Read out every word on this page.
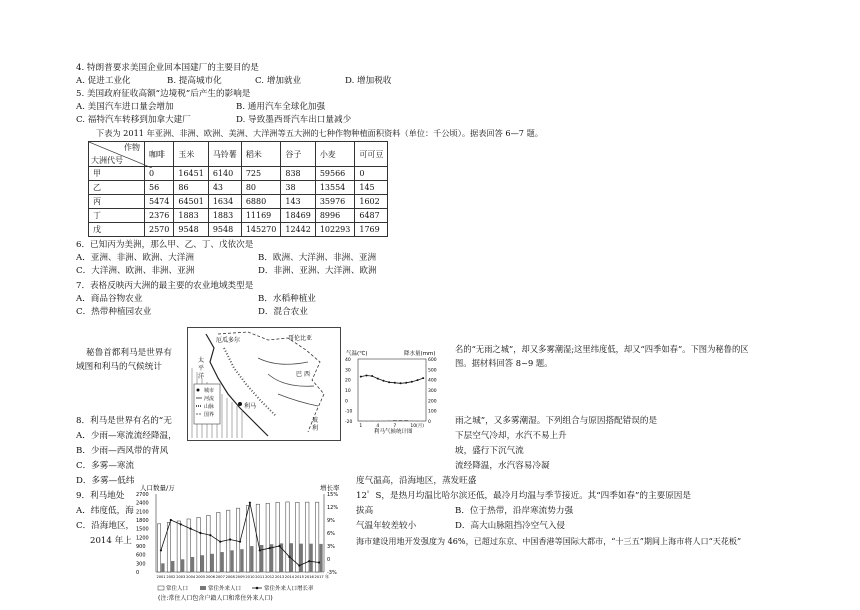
4. 特朗普要求美国企业回本国建厂的主要目的是
A. 促进工业化	B. 提高城市化	C. 增加就业	D. 增加税收
5. 美国政府征收高额“边境税”后产生的影响是
A. 美国汽车进口量会增加	B. 通用汽车全球化加强
C. 福特汽车转移到加拿大建厂	D. 导致墨西哥汽车出口量减少
下表为 2011 年亚洲、非洲、欧洲、美洲、大洋洲等五大洲的七种作物种植面积资料（单位：千公顷）。据表回答 6—7 题。
作物
大洲代号	咖啡	玉米	马铃薯	稻米	谷子	小麦	可可豆
甲	0	16451	6140	725	838	59566	0
乙	56	86	43	80	38	13554	145
丙	5474	64501	1634	6880	143	35976	1602
丁	2376	1883	1883	11169	18469	8996	6487
戊	2570	9548	9548	145270	12442	102293	1769
6．已知丙为美洲，那么甲、乙、丁、戊依次是
A．亚洲、非洲、欧洲、大洋洲	B．欧洲、大洋洲、非洲、亚洲
C．大洋洲、欧洲、非洲、亚洲	D．非洲、亚洲、大洋洲、欧洲
7．表格反映丙大洲的最主要的农业地域类型是
A．商品谷物农业	B．水稻种植业
C．热带种植园农业	D．混合农业
秘鲁首都利马是世界有
域图和利马的气候统计
名的“无雨之城”，却又多雾潮湿;这里纬度低，却又“四季如春”。下图为秘鲁的区
图。据材料回答 8~9 题。
城市
河流
山脉
国界
厄瓜多尔	哥伦比亚
太
平
洋	巴 西
利马
玻
利
气温(℃)	降水量(mm)
40
30
20
10
0
-10
-20
600
500
400
300
200
100
0
1	4	7	10 (月)
利马气候统计图
8．利马是世界有名的“无	雨之城”，又多雾潮湿。下列组合与原因搭配错误的是
A．少雨—寒流流经降温，
B．少雨—西风带的背风
C．多雾—寒流
D．多雾—低纬
下层空气冷却，水汽不易上升
坡，盛行下沉气流
流经降温，水汽容易冷凝
度气温高，沿海地区，蒸发旺盛
9．利马地处	12゜S，是热月均温比哈尔滨还低，最冷月均温与季节接近。其“四季如春”的主要原因是
A．纬度低，海
C．沿海地区，
拔高	B．位于热带，沿岸寒流势力强
气温年较差较小	D．高大山脉阻挡冷空气入侵
2014 年上	海市建设用地开发强度为 46%，已超过东京、中国香港等国际大都市，“十三五”期间上海市将人口“天花板”
人口数量/万	增长率
2700
2400
2100
1800
1500
1200
900
600
300
0
15%
12%
9%
6%
3%
0
-3%
2001 2002 2003 2004 2005 2006 2007 2008 2009 2010 2011 2012 2013 2014 2015 2016 2017 年
常住人口	常住外来人口	常住外来人口增长率
(注:常住人口包含户籍人口和常住外来人口)
